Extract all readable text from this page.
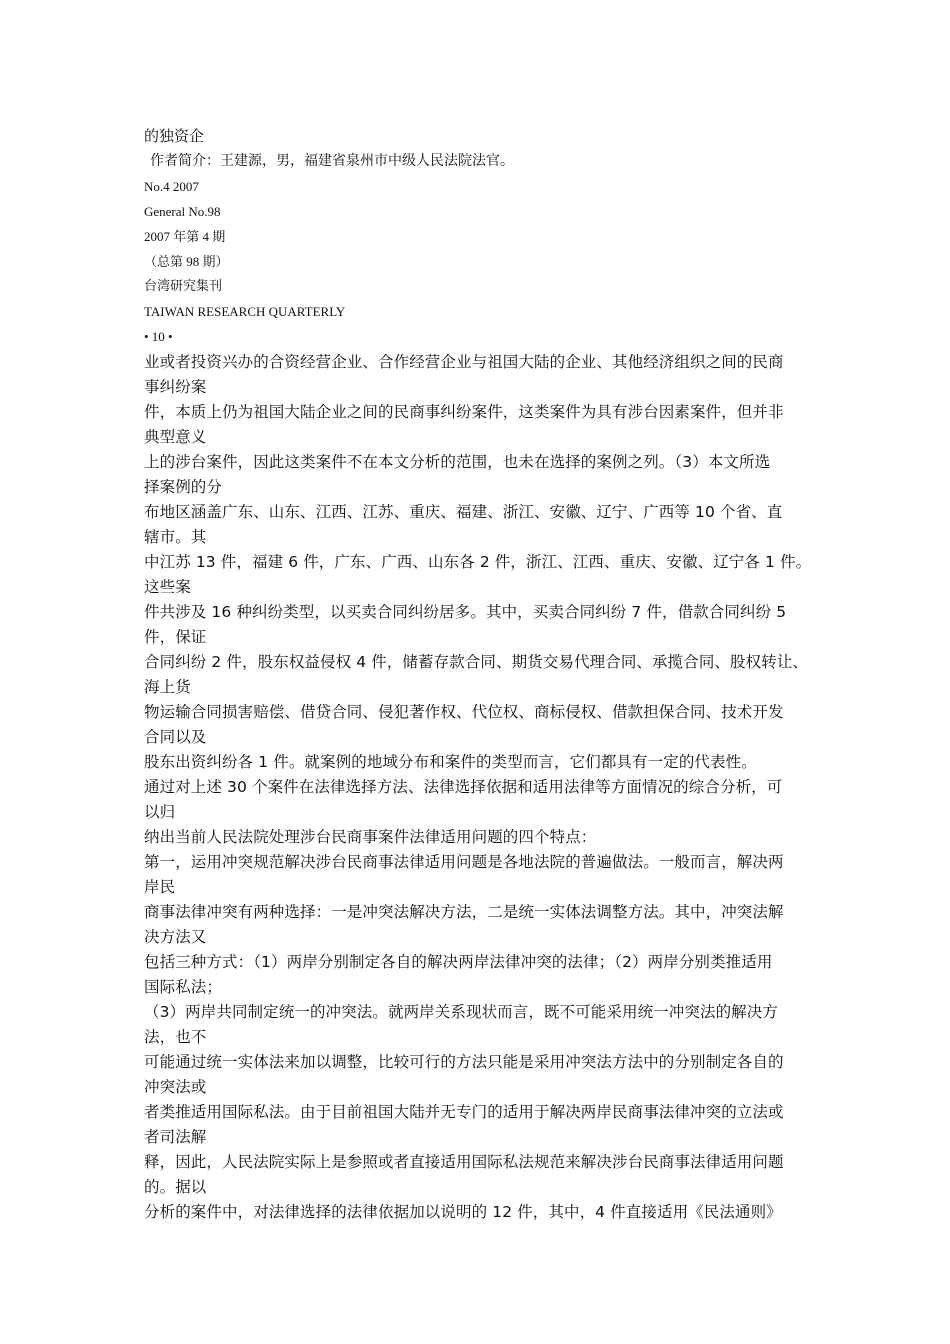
的独资企

作者简介：王建源，男，福建省泉州市中级人民法院法官。

No.4 2007

General No.98

2007 年第 4 期

（总第 98 期）

台湾研究集刊

TAIWAN RESEARCH QUARTERLY

• 10 •

业或者投资兴办的合资经营企业、合作经营企业与祖国大陆的企业、其他经济组织之间的民商
事纠纷案

件，本质上仍为祖国大陆企业之间的民商事纠纷案件，这类案件为具有涉台因素案件，但并非
典型意义

上的涉台案件，因此这类案件不在本文分析的范围，也未在选择的案例之列。（3）本文所选
择案例的分

布地区涵盖广东、山东、江西、江苏、重庆、福建、浙江、安徽、辽宁、广西等 10 个省、直
辖市。其

中江苏 13 件，福建 6 件，广东、广西、山东各 2 件，浙江、江西、重庆、安徽、辽宁各 1 件。
这些案

件共涉及 16 种纠纷类型，以买卖合同纠纷居多。其中，买卖合同纠纷 7 件，借款合同纠纷 5
件，保证

合同纠纷 2 件，股东权益侵权 4 件，储蓄存款合同、期货交易代理合同、承揽合同、股权转让、
海上货

物运输合同损害赔偿、借贷合同、侵犯著作权、代位权、商标侵权、借款担保合同、技术开发
合同以及

股东出资纠纷各 1 件。就案例的地域分布和案件的类型而言，它们都具有一定的代表性。

通过对上述 30 个案件在法律选择方法、法律选择依据和适用法律等方面情况的综合分析，可
以归

纳出当前人民法院处理涉台民商事案件法律适用问题的四个特点：

第一，运用冲突规范解决涉台民商事法律适用问题是各地法院的普遍做法。一般而言，解决两
岸民

商事法律冲突有两种选择：一是冲突法解决方法，二是统一实体法调整方法。其中，冲突法解
决方法又

包括三种方式：（1）两岸分别制定各自的解决两岸法律冲突的法律；（2）两岸分别类推适用
国际私法；

（3）两岸共同制定统一的冲突法。就两岸关系现状而言，既不可能采用统一冲突法的解决方
法，也不

可能通过统一实体法来加以调整，比较可行的方法只能是采用冲突法方法中的分别制定各自的
冲突法或

者类推适用国际私法。由于目前祖国大陆并无专门的适用于解决两岸民商事法律冲突的立法或
者司法解

释，因此，人民法院实际上是参照或者直接适用国际私法规范来解决涉台民商事法律适用问题
的。据以

分析的案件中，对法律选择的法律依据加以说明的 12 件，其中，4 件直接适用《民法通则》
